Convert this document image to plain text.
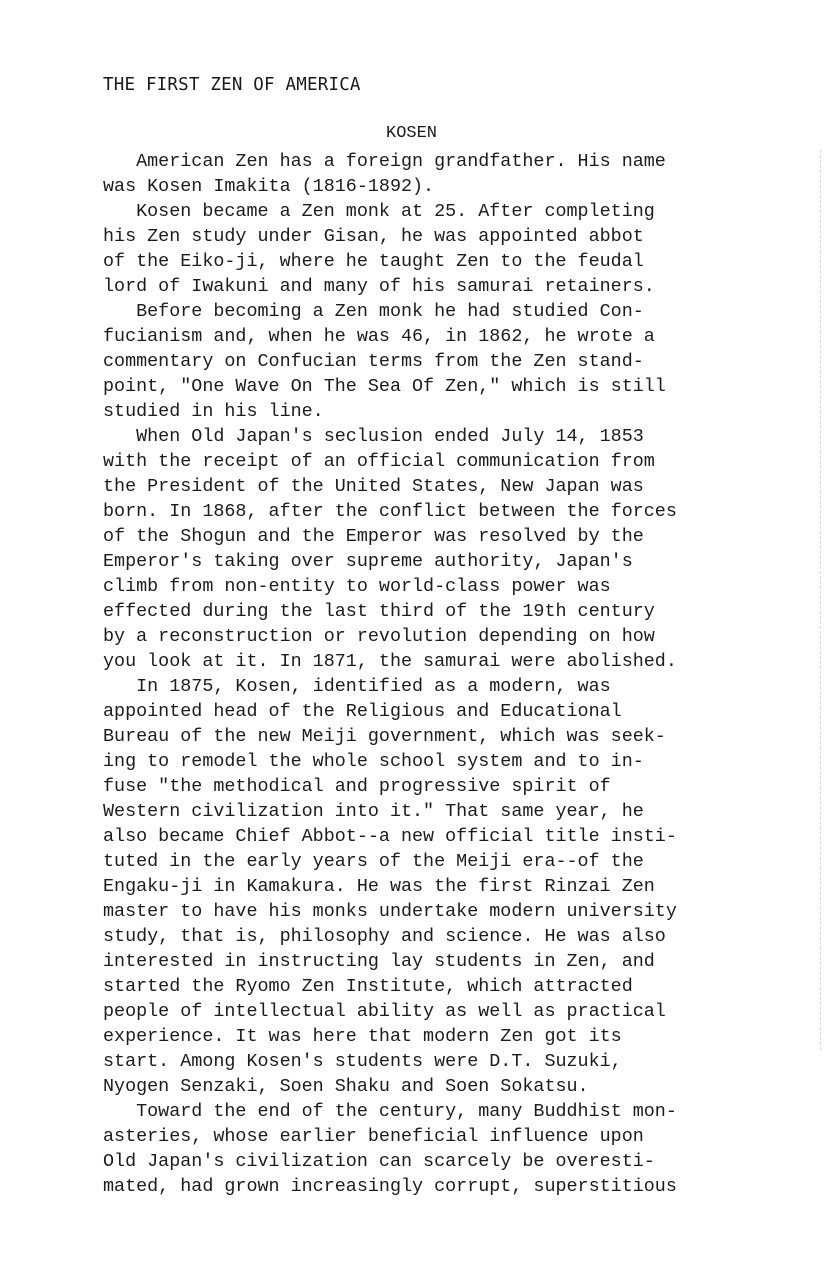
THE FIRST ZEN OF AMERICA
KOSEN
American Zen has a foreign grandfather. His name
was Kosen Imakita (1816-1892).
Kosen became a Zen monk at 25. After completing
his Zen study under Gisan, he was appointed abbot
of the Eiko-ji, where he taught Zen to the feudal
lord of Iwakuni and many of his samurai retainers.
Before becoming a Zen monk he had studied Con-
fucianism and, when he was 46, in 1862, he wrote a
commentary on Confucian terms from the Zen stand-
point, "One Wave On The Sea Of Zen," which is still
studied in his line.
When Old Japan's seclusion ended July 14, 1853
with the receipt of an official communication from
the President of the United States, New Japan was
born. In 1868, after the conflict between the forces
of the Shogun and the Emperor was resolved by the
Emperor's taking over supreme authority, Japan's
climb from non-entity to world-class power was
effected during the last third of the 19th century
by a reconstruction or revolution depending on how
you look at it. In 1871, the samurai were abolished.
In 1875, Kosen, identified as a modern, was
appointed head of the Religious and Educational
Bureau of the new Meiji government, which was seek-
ing to remodel the whole school system and to in-
fuse "the methodical and progressive spirit of
Western civilization into it." That same year, he
also became Chief Abbot--a new official title insti-
tuted in the early years of the Meiji era--of the
Engaku-ji in Kamakura. He was the first Rinzai Zen
master to have his monks undertake modern university
study, that is, philosophy and science. He was also
interested in instructing lay students in Zen, and
started the Ryomo Zen Institute, which attracted
people of intellectual ability as well as practical
experience. It was here that modern Zen got its
start. Among Kosen's students were D.T. Suzuki,
Nyogen Senzaki, Soen Shaku and Soen Sokatsu.
Toward the end of the century, many Buddhist mon-
asteries, whose earlier beneficial influence upon
Old Japan's civilization can scarcely be overesti-
mated, had grown increasingly corrupt, superstitious
